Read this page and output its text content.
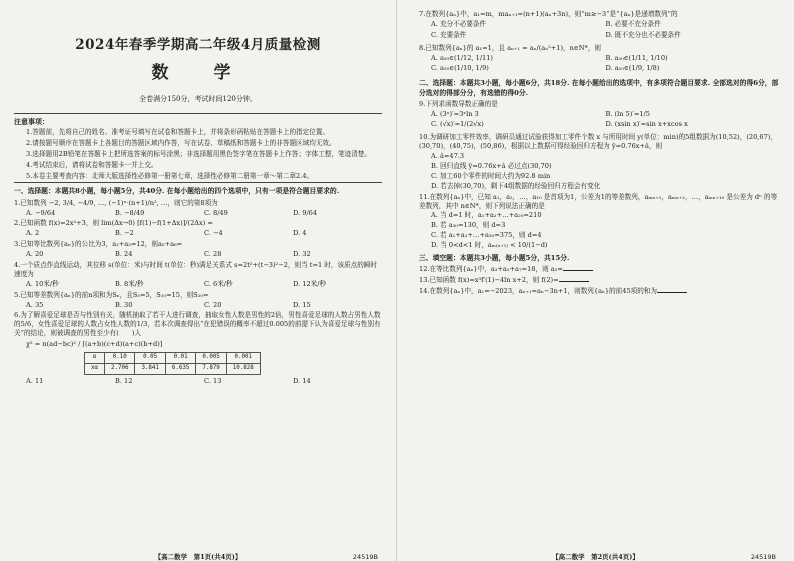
2024年春季学期高二年级4月质量检测
数　学
全卷满分150分，考试时间120分钟。
注意事项：
1.答题前，先将自己的姓名、准考证号填写在试卷和答题卡上，并将条形码粘贴在答题卡上的指定位置。
2.请按题号顺序在答题卡上各题目的答题区域内作答，写在试卷、草稿纸和答题卡上的非答题区域均无效。
3.选择题用2B铅笔在答题卡上把所选答案的标号涂黑；非选择题用黑色签字笔在答题卡上作答；字体工整，笔迹清楚。
4.考试结束后，请将试卷和答题卡一并上交。
5.本卷主要考查内容：北师大版选择性必修第一册第七章，选择性必修第二册第一章～第二章2.4。
一、选择题：本题共8小题，每小题5分，共40分. 在每小题给出的四个选项中，只有一项是符合题目要求的.
1.已知数列 −2, 3/4, −4/9, …, (−1)ⁿ·(n+1)/n², …，则它的第8项为
A. −9/64	B. −8/49	C. 8/49	D. 9/64
2.已知函数 f(x)=2x²+3，则 lim(Δx→0) [f(1)−f(1+Δx)]/(2Δx) =
A. 2	B. −2	C. −4	D. 4
3.已知等比数列{aₙ}的公比为3，a₂+a₃=12，则a₅+a₆=
A. 20	B. 24	C. 28	D. 32
4.一个质点作直线运动，其位移 s(单位：米)与时间 t(单位：秒)满足关系式 s=2t²+(t−3)²−2，则当 t=1 时，该质点的瞬时速度为
A. 10米/秒	B. 8米/秒	C. 6米/秒	D. 12米/秒
5.已知等差数列{aₙ}的前n项和为Sₙ，且S₅=5，S₁₀=15，则S₂₀=
A. 35	B. 30	C. 20	D. 15
6.为了解喜爱足球是否与性别有关，随机抽取了若干人进行调查，抽取女性人数是男性的2倍，男性喜爱足球的人数占男性人数的5/6，女性喜爱足球的人数占女性人数的1/3，若本次调查得出“在犯错误的概率不超过0.005的前提下认为喜爱足球与性别有关”的结论，则被调查的男性至少有(　　)人
χ² = n(ad−bc)² / [(a+b)(c+d)(a+c)(b+d)]
α	0.10	0.05	0.01	0.005	0.001
xα	2.706	3.841	6.635	7.879	10.828
A. 11	B. 12	C. 13	D. 14
【高二数学　第1页(共4页)】	24519B
7.在数列{aₙ}中，a₁=m，maₙ₊₁=(n+1)(aₙ+3n)，则“m≥−3”是“{aₙ}是递增数列”的
A. 充分不必要条件	B. 必要不充分条件
C. 充要条件	D. 既不充分也不必要条件
8.已知数列{aₙ}的 a₁=1，且 aₙ₊₁ = aₙ/(aₙ²+1)，n∈N*，则
A. a₅₀∈(1/12, 1/11)	B. a₅₀∈(1/11, 1/10)
C. a₅₀∈(1/10, 1/9)	D. a₅₀∈(1/9, 1/8)
二、选择题：本题共3小题，每小题6分，共18分. 在每小题给出的选项中，有多项符合题目要求. 全部选对的得6分，部分选对的得部分分，有选错的得0分.
9.下列求函数导数正确的是
A. (3ˣ)′=3ˣln 3	B. (ln 5)′=1/5
C. (√x)′=1/(2√x)	D. (xsin x)′=sin x+xcos x
10.为调研加工零件效率，调研员通过试验获得加工零件个数 x 与所用时间 y(单位：min)的5组数据为(10,52)，(20,67)，(30,70)，(40,75)，(50,86)，根据以上数据可得经验回归方程为 ŷ=0.76x+â，则
A. â=47.3
B. 回归直线 ŷ=0.76x+â 必过点(30,70)
C. 加工60个零件的时间大约为92.8 min
D. 若去掉(30,70)，剩下4组数据的经验回归方程会有变化
11.在数列{aₙ}中，已知 a₁，a₂，…，a₁₀ 是首项为1，公差为1的等差数列，aₘₙ₊₁，aₘₙ₊₂，…，aₘₙ₊₁₀ 是公差为 dⁿ 的等差数列，其中 n∈N*，则下列说法正确的是
A. 当 d=1 时，a₁+a₂+…+a₂₀=210
B. 若 a₃₀=130，则 d=3
C. 若 a₁+a₂+…+a₃₀=375，则 d=4
D. 当 0<d<1 时，aₘ₍ₙ₊₁₎ < 10/(1−d)
三、填空题：本题共3小题，每小题5分，共15分.
12.在等比数列{aₙ}中，a₃+a₅+a₇=18，则 a₅=
13.已知函数 f(x)=x³f′(1)−4ln x+2，则 f(2)=
14.在数列{aₙ}中，a₁=−2023，aₙ₊₁=aₙ−3n+1，则数列{aₙ}的前45项的和为
【高二数学　第2页(共4页)】	24519B
